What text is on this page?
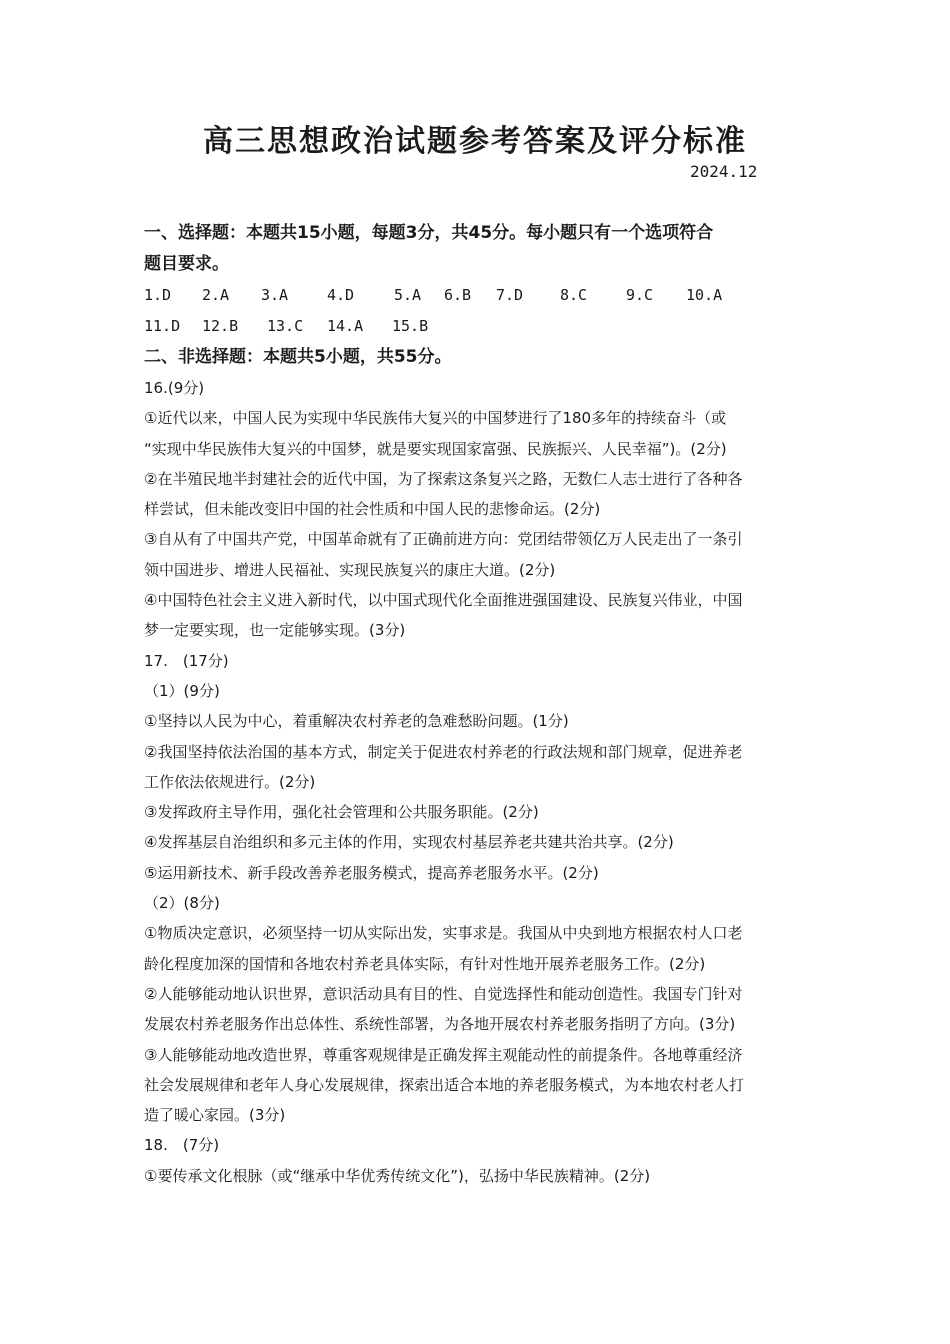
高三思想政治试题参考答案及评分标准
2024.12
一、选择题：本题共15小题，每题3分，共45分。每小题只有一个选项符合
题目要求。
1.D	2.A	3.A	4.D	5.A	6.B	7.D	8.C	9.C	10.A
11.D	12.B	13.C	14.A	15.B
二、非选择题：本题共5小题，共55分。
16.(9分)

①近代以来，中国人民为实现中华民族伟大复兴的中国梦进行了180多年的持续奋斗（或

“实现中华民族伟大复兴的中国梦，就是要实现国家富强、民族振兴、人民幸福”)。(2分)

②在半殖民地半封建社会的近代中国，为了探索这条复兴之路，无数仁人志士进行了各种各

样尝试，但未能改变旧中国的社会性质和中国人民的悲惨命运。(2分)

③自从有了中国共产党，中国革命就有了正确前进方向：党团结带领亿万人民走出了一条引

领中国进步、增进人民福祉、实现民族复兴的康庄大道。(2分)

④中国特色社会主义进入新时代，以中国式现代化全面推进强国建设、民族复兴伟业，中国

梦一定要实现，也一定能够实现。(3分)

17.　(17分)
（1）(9分)

①坚持以人民为中心，着重解决农村养老的急难愁盼问题。(1分)

②我国坚持依法治国的基本方式，制定关于促进农村养老的行政法规和部门规章，促进养老

工作依法依规进行。(2分)

③发挥政府主导作用，强化社会管理和公共服务职能。(2分)

④发挥基层自治组织和多元主体的作用，实现农村基层养老共建共治共享。(2分)

⑤运用新技术、新手段改善养老服务模式，提高养老服务水平。(2分)

（2）(8分)

①物质决定意识，必须坚持一切从实际出发，实事求是。我国从中央到地方根据农村人口老

龄化程度加深的国情和各地农村养老具体实际，有针对性地开展养老服务工作。(2分)

②人能够能动地认识世界，意识活动具有目的性、自觉选择性和能动创造性。我国专门针对

发展农村养老服务作出总体性、系统性部署，为各地开展农村养老服务指明了方向。(3分)

③人能够能动地改造世界，尊重客观规律是正确发挥主观能动性的前提条件。各地尊重经济

社会发展规律和老年人身心发展规律，探索出适合本地的养老服务模式，为本地农村老人打

造了暖心家园。(3分)

18.　(7分)

①要传承文化根脉（或“继承中华优秀传统文化”)，弘扬中华民族精神。(2分)
